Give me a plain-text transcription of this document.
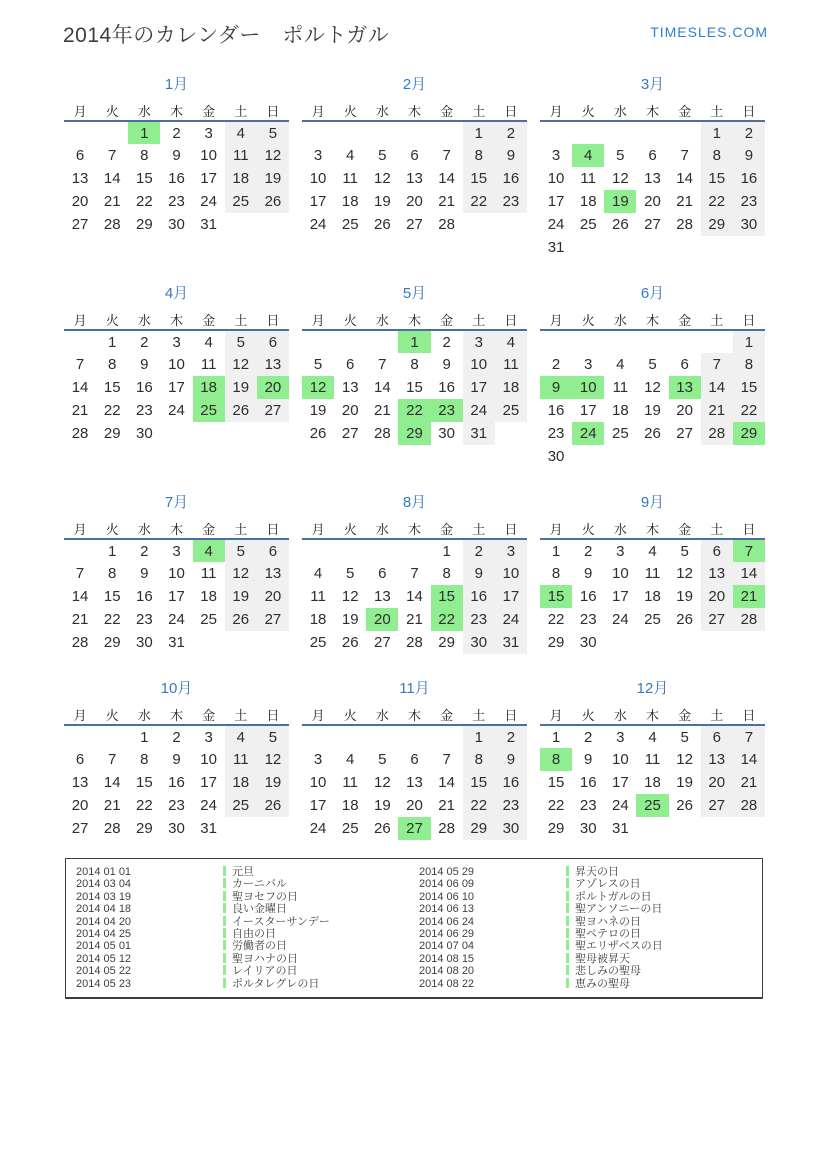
2014年のカレンダー　ポルトガル	TIMESLES.COM
1月
月	火	水	木	金	土	日
		1	2	3	4	5
6	7	8	9	10	11	12
13	14	15	16	17	18	19
20	21	22	23	24	25	26
27	28	29	30	31		
2月
月	火	水	木	金	土	日
					1	2
3	4	5	6	7	8	9
10	11	12	13	14	15	16
17	18	19	20	21	22	23
24	25	26	27	28		
3月
月	火	水	木	金	土	日
					1	2
3	4	5	6	7	8	9
10	11	12	13	14	15	16
17	18	19	20	21	22	23
24	25	26	27	28	29	30
31						
4月
月	火	水	木	金	土	日
	1	2	3	4	5	6
7	8	9	10	11	12	13
14	15	16	17	18	19	20
21	22	23	24	25	26	27
28	29	30				
5月
月	火	水	木	金	土	日
			1	2	3	4
5	6	7	8	9	10	11
12	13	14	15	16	17	18
19	20	21	22	23	24	25
26	27	28	29	30	31	
6月
月	火	水	木	金	土	日
						1
2	3	4	5	6	7	8
9	10	11	12	13	14	15
16	17	18	19	20	21	22
23	24	25	26	27	28	29
30						
7月
月	火	水	木	金	土	日
	1	2	3	4	5	6
7	8	9	10	11	12	13
14	15	16	17	18	19	20
21	22	23	24	25	26	27
28	29	30	31			
8月
月	火	水	木	金	土	日
				1	2	3
4	5	6	7	8	9	10
11	12	13	14	15	16	17
18	19	20	21	22	23	24
25	26	27	28	29	30	31
9月
月	火	水	木	金	土	日
1	2	3	4	5	6	7
8	9	10	11	12	13	14
15	16	17	18	19	20	21
22	23	24	25	26	27	28
29	30					
10月
月	火	水	木	金	土	日
		1	2	3	4	5
6	7	8	9	10	11	12
13	14	15	16	17	18	19
20	21	22	23	24	25	26
27	28	29	30	31		
11月
月	火	水	木	金	土	日
					1	2
3	4	5	6	7	8	9
10	11	12	13	14	15	16
17	18	19	20	21	22	23
24	25	26	27	28	29	30
12月
月	火	水	木	金	土	日
1	2	3	4	5	6	7
8	9	10	11	12	13	14
15	16	17	18	19	20	21
22	23	24	25	26	27	28
29	30	31				
2014 01 01	元旦	2014 05 29	昇天の日
2014 03 04	カーニバル	2014 06 09	アゾレスの日
2014 03 19	聖ヨセフの日	2014 06 10	ポルトガルの日
2014 04 18	良い金曜日	2014 06 13	聖アンソニーの日
2014 04 20	イースターサンデー	2014 06 24	聖ヨハネの日
2014 04 25	自由の日	2014 06 29	聖ペテロの日
2014 05 01	労働者の日	2014 07 04	聖エリザベスの日
2014 05 12	聖ヨハナの日	2014 08 15	聖母被昇天
2014 05 22	レイリアの日	2014 08 20	悲しみの聖母
2014 05 23	ポルタレグレの日	2014 08 22	恵みの聖母
